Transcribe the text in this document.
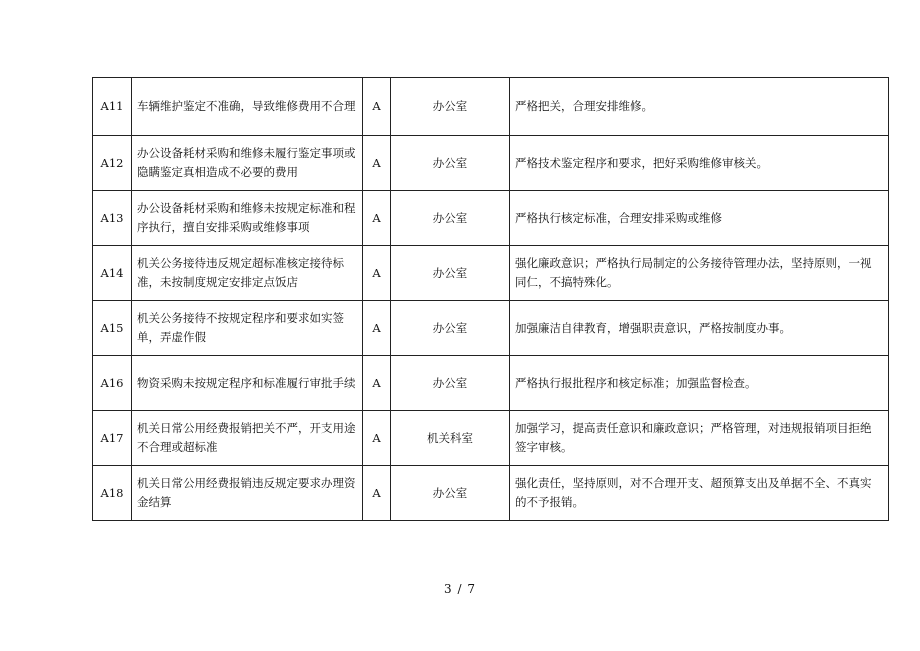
A11	车辆维护鉴定不准确，导致维修费用不合理	A	办公室	严格把关，合理安排维修。
A12	办公设备耗材采购和维修未履行鉴定事项或隐瞒鉴定真相造成不必要的费用	A	办公室	严格技术鉴定程序和要求，把好采购维修审核关。
A13	办公设备耗材采购和维修未按规定标准和程序执行，擅自安排采购或维修事项	A	办公室	严格执行核定标准，合理安排采购或维修
A14	机关公务接待违反规定超标准核定接待标准，未按制度规定安排定点饭店	A	办公室	强化廉政意识；严格执行局制定的公务接待管理办法，坚持原则，一视同仁，不搞特殊化。
A15	机关公务接待不按规定程序和要求如实签单，弄虚作假	A	办公室	加强廉洁自律教育，增强职责意识，严格按制度办事。
A16	物资采购未按规定程序和标准履行审批手续	A	办公室	严格执行报批程序和核定标准；加强监督检查。
A17	机关日常公用经费报销把关不严，开支用途不合理或超标准	A	机关科室	加强学习，提高责任意识和廉政意识；严格管理，对违规报销项目拒绝签字审核。
A18	机关日常公用经费报销违反规定要求办理资金结算	A	办公室	强化责任，坚持原则，对不合理开支、超预算支出及单据不全、不真实的不予报销。
3 / 7
